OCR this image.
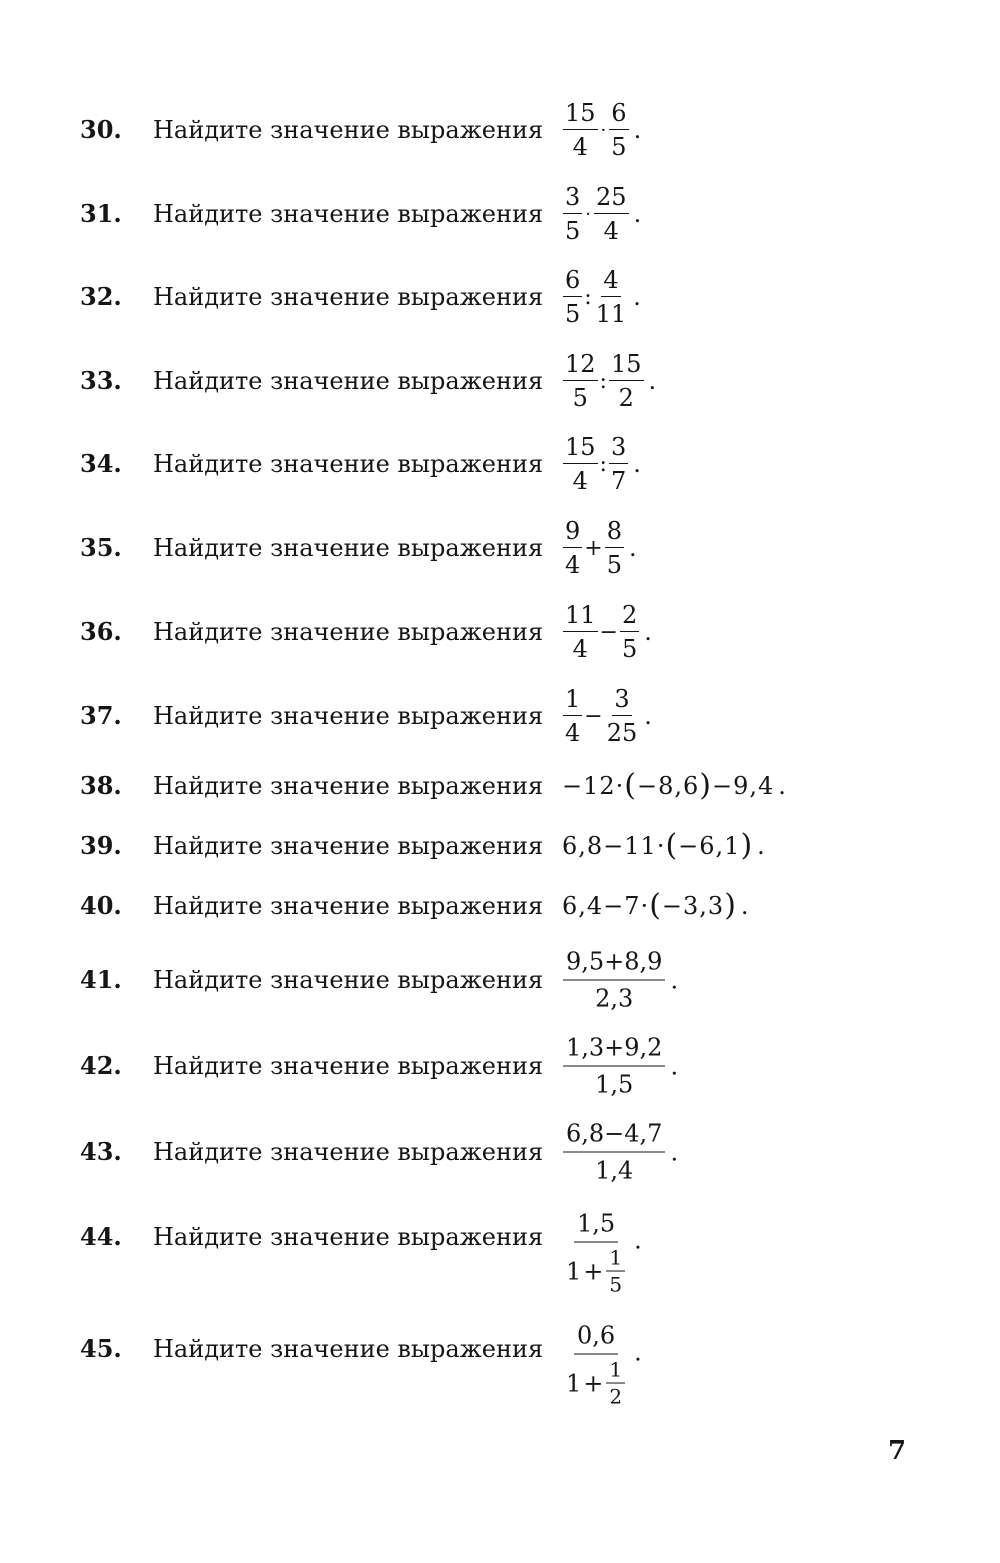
30.	Найдите значение выражения $\frac{15}{4} \cdot \frac{6}{5}$ .
31.	Найдите значение выражения $\frac{3}{5} \cdot \frac{25}{4}$ .
32.	Найдите значение выражения $\frac{6}{5}$ : $\frac{4}{11}$ .
33.	Найдите значение выражения $\frac{12}{5}$ : $\frac{15}{2}$ .
34.	Найдите значение выражения $\frac{15}{4}$ : $\frac{3}{7}$ .
35.	Найдите значение выражения $\frac{9}{4} + \frac{8}{5}$ .
36.	Найдите значение выражения $\frac{11}{4} - \frac{2}{5}$ .
37.	Найдите значение выражения $\frac{1}{4} - \frac{3}{25}$ .
38.	Найдите значение выражения −12· ( −8,6 ) −9,4 .
39.	Найдите значение выражения 6,8−11· ( −6,1 ) .
40.	Найдите значение выражения 6,4−7· ( −3,3 ) .
41.	Найдите значение выражения $\frac{9,5+8,9}{2,3}$ .
42.	Найдите значение выражения $\frac{1,3+9,2}{1,5}$ .
43.	Найдите значение выражения $\frac{6,8-4,7}{1,4}$ .
44.	Найдите значение выражения $\frac{1,5}{1 + \frac{1}{5}}$ .
45.	Найдите значение выражения $\frac{0,6}{1 + \frac{1}{2}}$ .
7
